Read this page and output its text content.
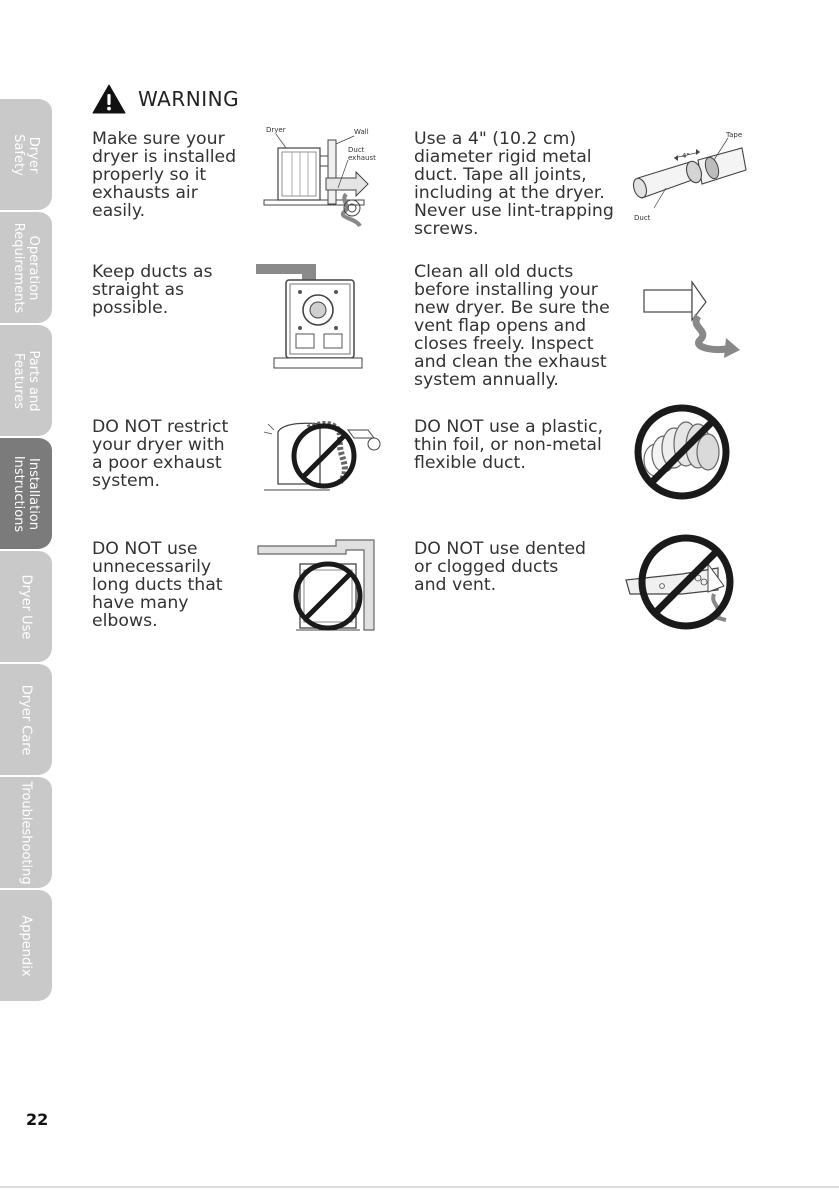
Dryer
Safety
Operation
Requirements
Parts and
Features
Installation
Instructions
Dryer Use
Dryer Care
Troubleshooting
Appendix
WARNING
Make sure your
dryer is installed
properly so it
exhausts air
easily.
Dryer	Wall
Duct
exhaust
Use a 4" (10.2 cm)
diameter rigid metal
duct. Tape all joints,
including at the dryer.
Never use lint-trapping
screws.
Tape
4"
Duct
Keep ducts as
straight as
possible.
Clean all old ducts
before installing your
new dryer. Be sure the
vent flap opens and
closes freely. Inspect
and clean the exhaust
system annually.
DO NOT restrict
your dryer with
a poor exhaust
system.
DO NOT use a plastic,
thin foil, or non-metal
flexible duct.
DO NOT use
unnecessarily
long ducts that
have many
elbows.
DO NOT use dented
or clogged ducts
and vent.
22
